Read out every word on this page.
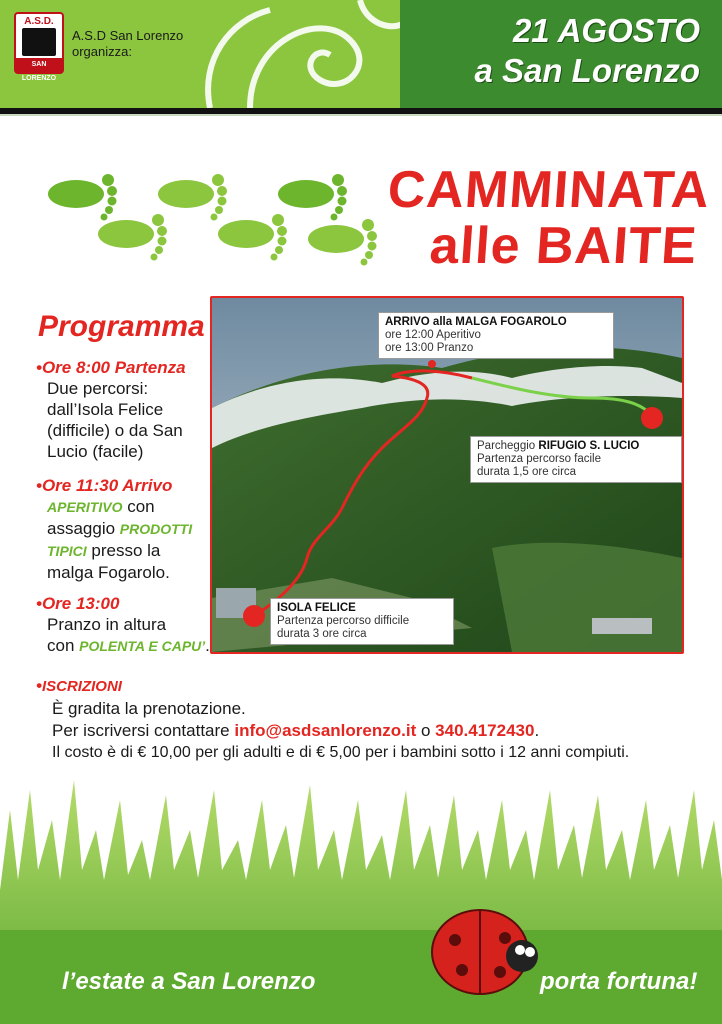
A.S.D.
SAN LORENZO
A.S.D San Lorenzo
organizza:
21 AGOSTO
a San Lorenzo
CAMMINATA
alle BAITE
Programma
•Ore 8:00 Partenza
Due percorsi:
dall’Isola Felice
(difficile) o da San
Lucio (facile)
•Ore 11:30 Arrivo
APERITIVO con
assaggio PRODOTTI
TIPICI presso la
malga Fogarolo.
•Ore 13:00
Pranzo in altura
con POLENTA E CAPU’.
ARRIVO alla MALGA FOGAROLO
ore 12:00 Aperitivo
ore 13:00 Pranzo
Parcheggio RIFUGIO S. LUCIO
Partenza percorso facile
durata 1,5 ore circa
ISOLA FELICE
Partenza percorso difficile
durata 3 ore circa
•ISCRIZIONI
È gradita la prenotazione.
Per iscriversi contattare info@asdsanlorenzo.it o 340.4172430.
Il costo è di € 10,00 per gli adulti e di € 5,00 per i bambini sotto i 12 anni compiuti.
l’estate a San Lorenzo	porta fortuna!
